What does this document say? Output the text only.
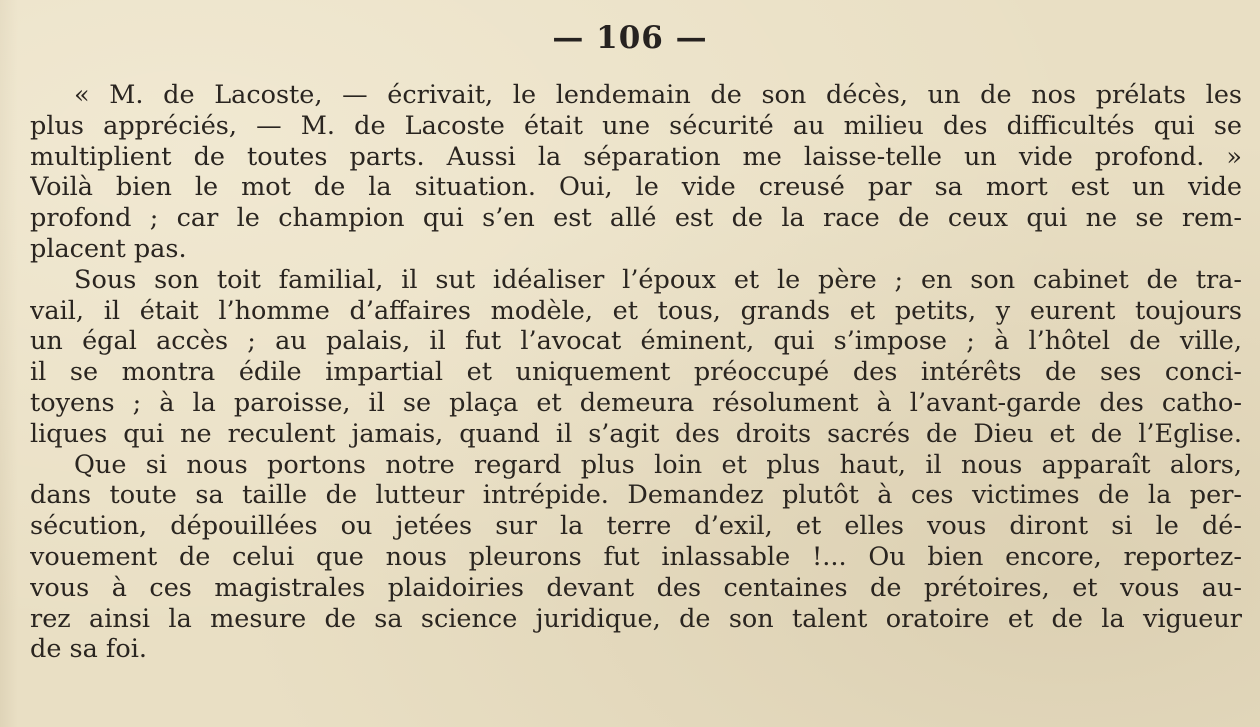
— 106 —
« M. de Lacoste, — écrivait, le lendemain de son décès, un de nos prélats les
plus appréciés, — M. de Lacoste était une sécurité au milieu des difficultés qui se
multiplient de toutes parts. Aussi la séparation me laisse-telle un vide profond. »
Voilà bien le mot de la situation. Oui, le vide creusé par sa mort est un vide
profond ; car le champion qui s’en est allé est de la race de ceux qui ne se rem-
placent pas.
Sous son toit familial, il sut idéaliser l’époux et le père ; en son cabinet de tra-
vail, il était l’homme d’affaires modèle, et tous, grands et petits, y eurent toujours
un égal accès ; au palais, il fut l’avocat éminent, qui s’impose ; à l’hôtel de ville,
il se montra édile impartial et uniquement préoccupé des intérêts de ses conci-
toyens ; à la paroisse, il se plaça et demeura résolument à l’avant-garde des catho-
liques qui ne reculent jamais, quand il s’agit des droits sacrés de Dieu et de l’Eglise.
Que si nous portons notre regard plus loin et plus haut, il nous apparaît alors,
dans toute sa taille de lutteur intrépide. Demandez plutôt à ces victimes de la per-
sécution, dépouillées ou jetées sur la terre d’exil, et elles vous diront si le dé-
vouement de celui que nous pleurons fut inlassable !... Ou bien encore, reportez-
vous à ces magistrales plaidoiries devant des centaines de prétoires, et vous au-
rez ainsi la mesure de sa science juridique, de son talent oratoire et de la vigueur
de sa foi.
